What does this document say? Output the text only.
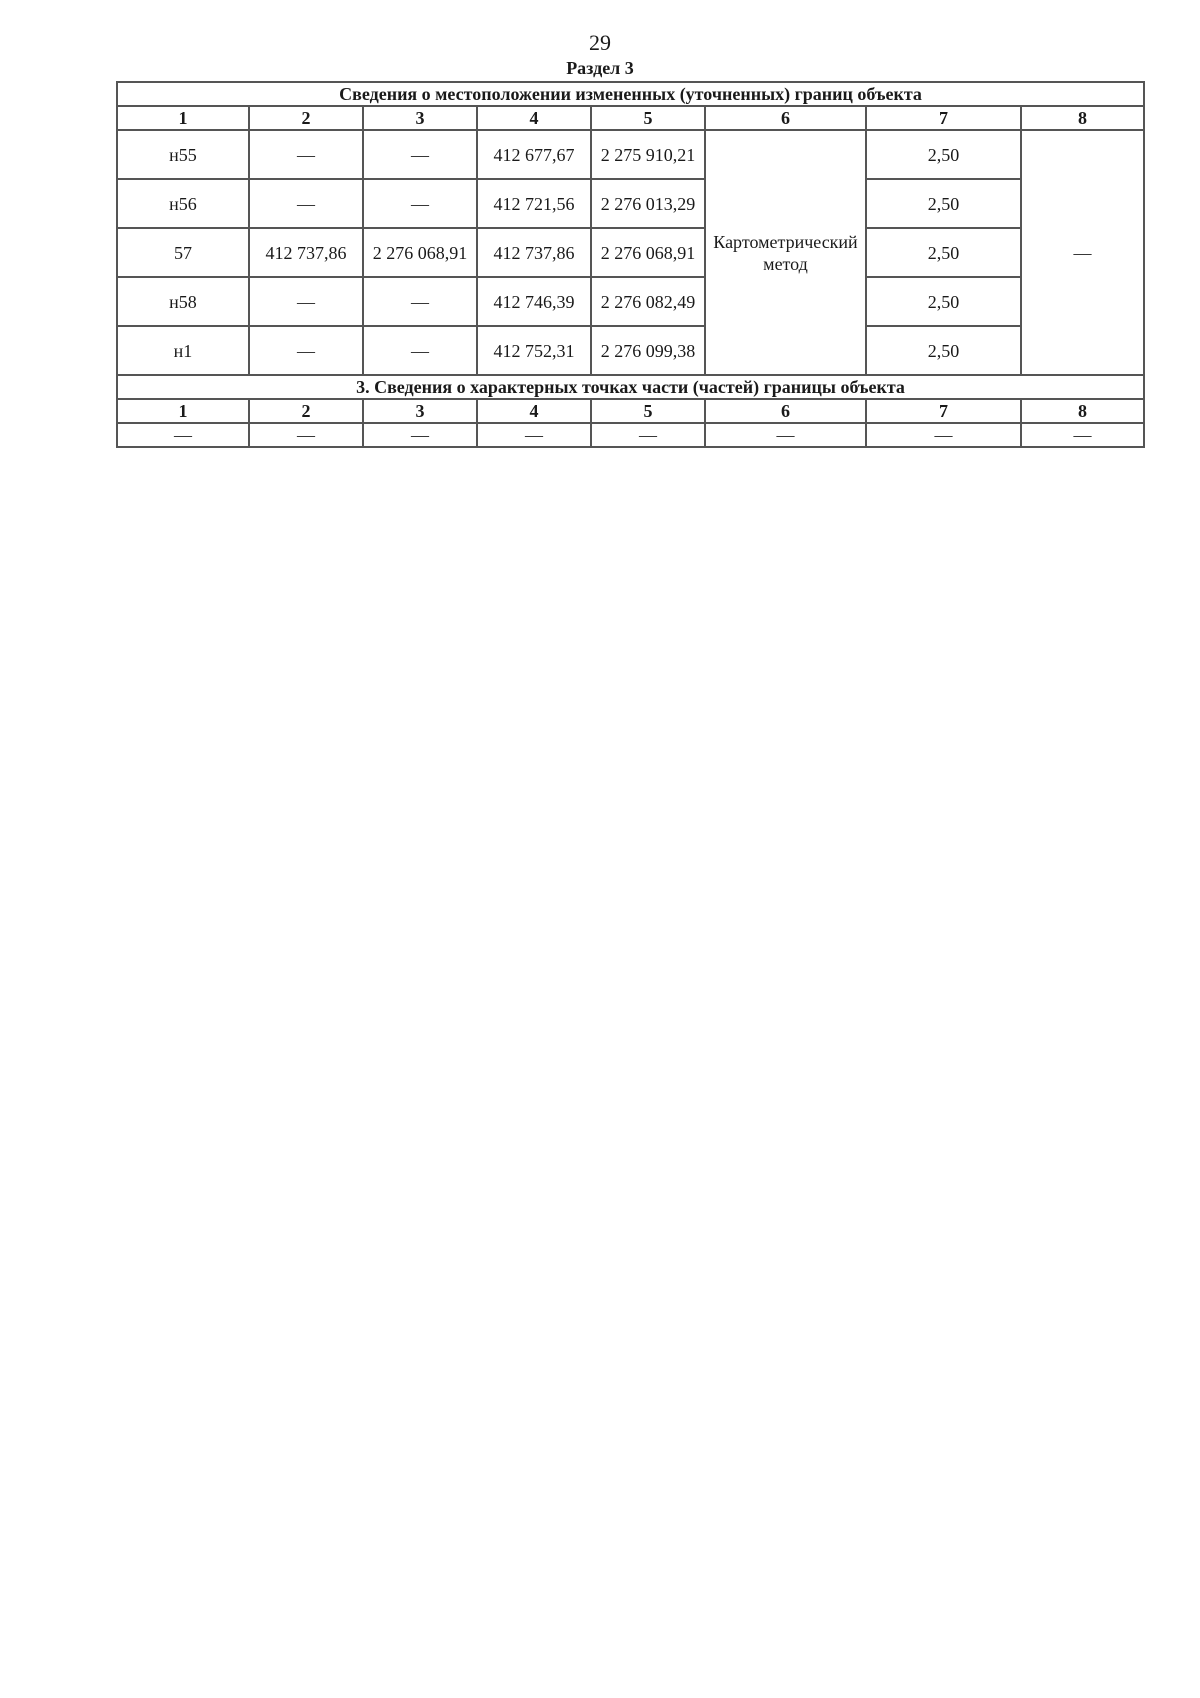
29
Раздел 3
Сведения о местоположении измененных (уточненных) границ объекта							
1	2	3	4	5	6	7	8
н55	—	—	412 677,67	2 275 910,21	Картометрический метод	2,50	—
н56	—	—	412 721,56	2 276 013,29		2,50	
57	412 737,86	2 276 068,91	412 737,86	2 276 068,91		2,50	
н58	—	—	412 746,39	2 276 082,49		2,50	
н1	—	—	412 752,31	2 276 099,38		2,50	
3. Сведения о характерных точках части (частей) границы объекта							
1	2	3	4	5	6	7	8
—	—	—	—	—	—	—	—
